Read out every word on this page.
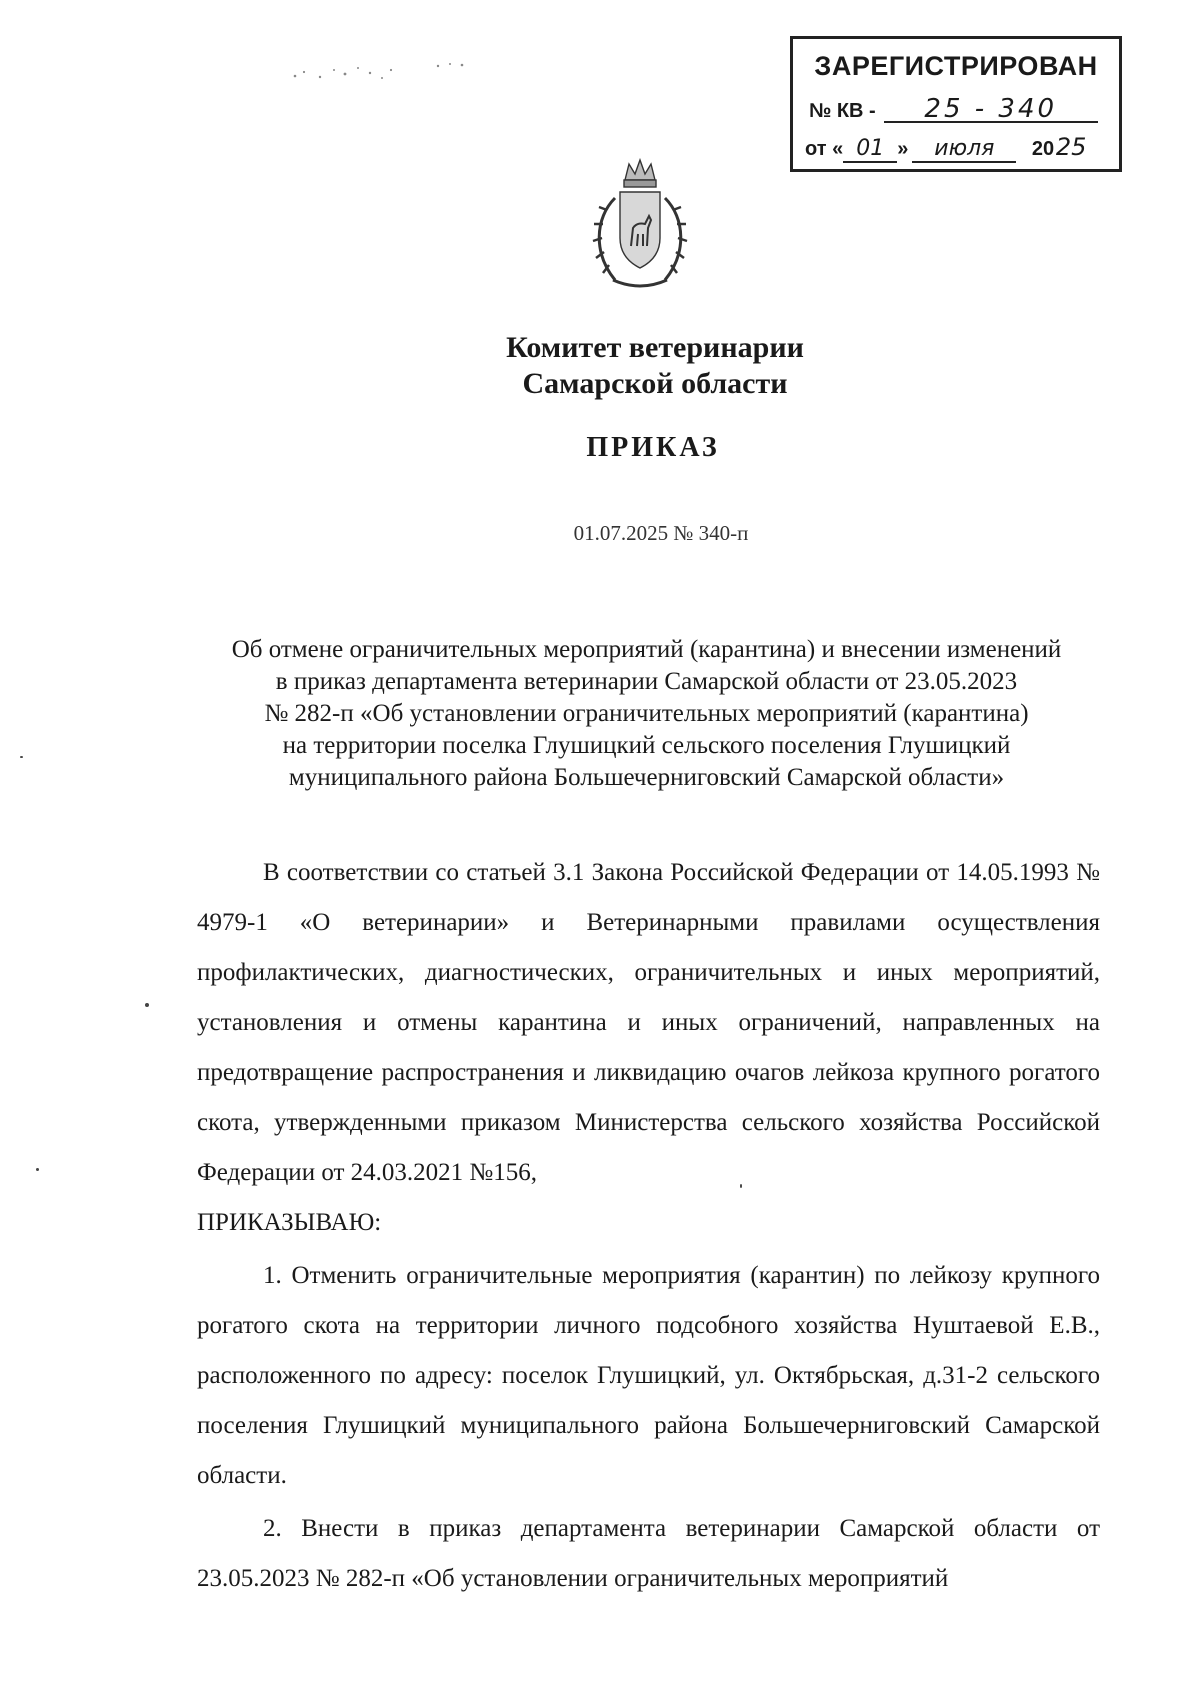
ЗАРЕГИСТРИРОВАН
№ КВ - 25 - 340
от « 01 » июля 2025
Комитет ветеринарии
Самарской области
ПРИКАЗ
01.07.2025 № 340-п
Об отмене ограничительных мероприятий (карантина) и внесении изменений
в приказ департамента ветеринарии Самарской области от 23.05.2023
№ 282-п «Об установлении ограничительных мероприятий (карантина)
на территории поселка Глушицкий сельского поселения Глушицкий
муниципального района Большечерниговский Самарской области»

В соответствии со статьей 3.1 Закона Российской Федерации от 14.05.1993 № 4979-1 «О ветеринарии» и Ветеринарными правилами осуществления профилактических, диагностических, ограничительных и иных мероприятий, установления и отмены карантина и иных ограничений, направленных на предотвращение распространения и ликвидацию очагов лейкоза крупного рогатого скота, утвержденными приказом Министерства сельского хозяйства Российской Федерации от 24.03.2021 №156,

ПРИКАЗЫВАЮ:

1. Отменить ограничительные мероприятия (карантин) по лейкозу крупного рогатого скота на территории личного подсобного хозяйства Нуштаевой Е.В., расположенного по адресу: поселок Глушицкий, ул. Октябрьская, д.31-2 сельского поселения Глушицкий муниципального района Большечерниговский Самарской области.

2. Внести в приказ департамента ветеринарии Самарской области от 23.05.2023 № 282-п «Об установлении ограничительных мероприятий
